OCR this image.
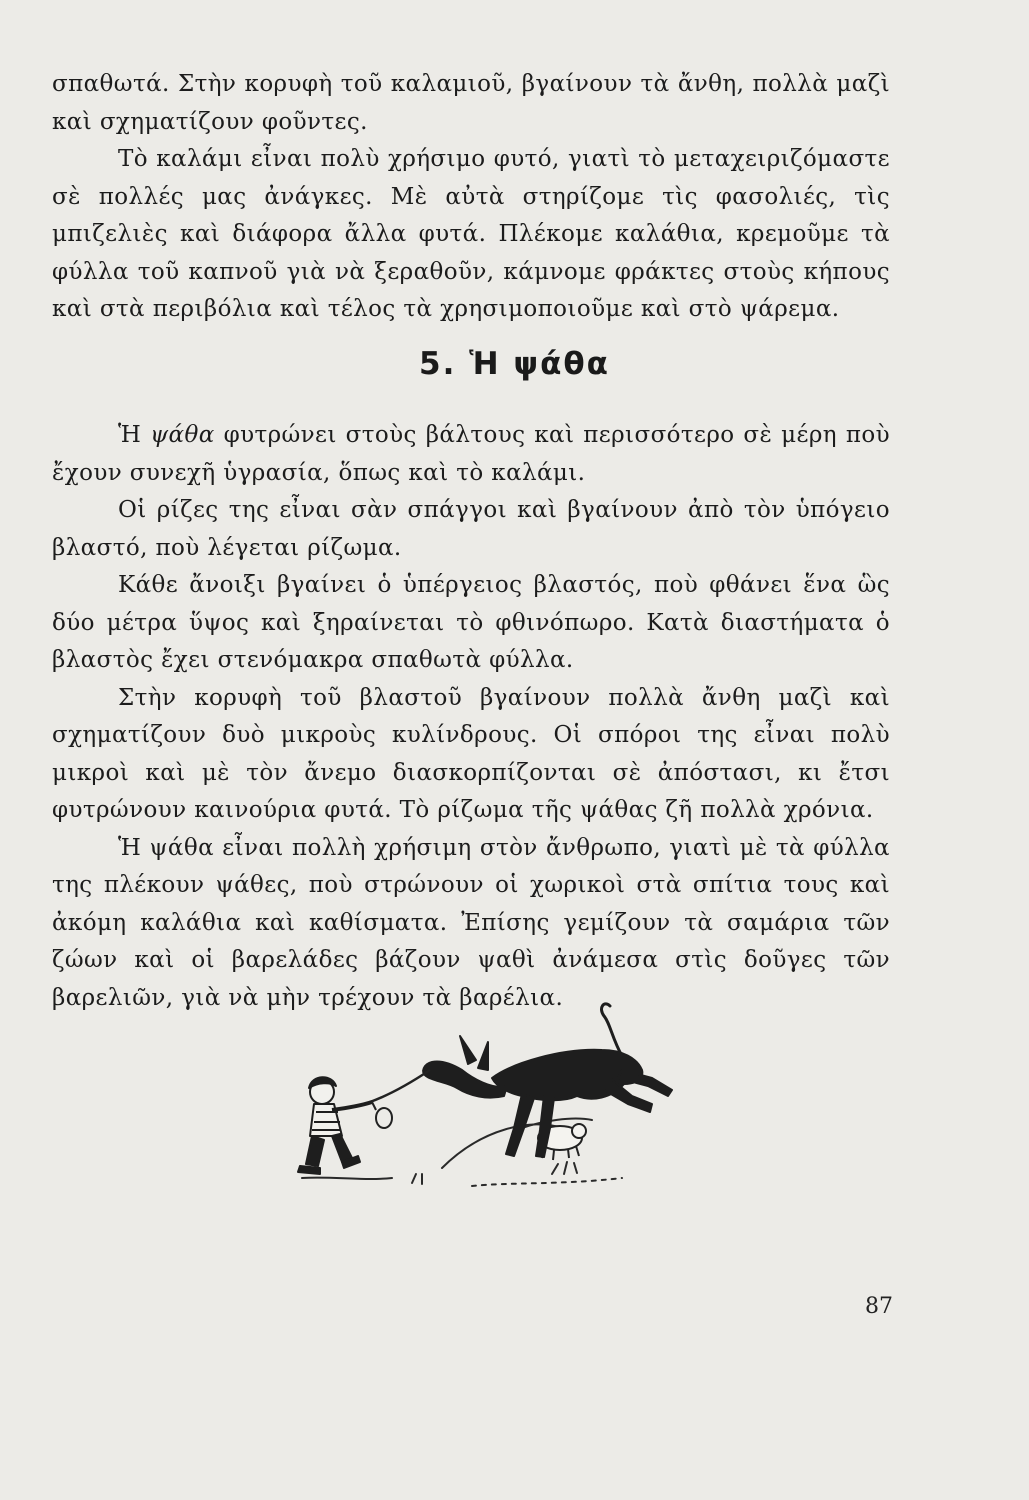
σπαθωτά. Στὴν κορυφὴ τοῦ καλαμιοῦ, βγαίνουν τὰ ἄνθη, πολλὰ μαζὶ καὶ σχηματίζουν φοῦντες.

Τὸ καλάμι εἶναι πολὺ χρήσιμο φυτό, γιατὶ τὸ μεταχειριζόμαστε σὲ πολλές μας ἀνάγκες. Μὲ αὐτὰ στηρίζομε τὶς φασολιές, τὶς μπιζελιὲς καὶ διάφορα ἄλλα φυτά. Πλέκομε καλάθια, κρεμοῦμε τὰ φύλλα τοῦ καπνοῦ γιὰ νὰ ξεραθοῦν, κάμνομε φράκτες στοὺς κήπους καὶ στὰ περιβόλια καὶ τέλος τὰ χρησιμοποιοῦμε καὶ στὸ ψάρεμα.

5. Ἡ ψάθα

Ἡ ψάθα φυτρώνει στοὺς βάλτους καὶ περισσότερο σὲ μέρη ποὺ ἔχουν συνεχῆ ὑγρασία, ὅπως καὶ τὸ καλάμι.

Οἱ ρίζες της εἶναι σὰν σπάγγοι καὶ βγαίνουν ἀπὸ τὸν ὑπόγειο βλαστό, ποὺ λέγεται ρίζωμα.

Κάθε ἄνοιξι βγαίνει ὁ ὑπέργειος βλαστός, ποὺ φθάνει ἕνα ὣς δύο μέτρα ὕψος καὶ ξηραίνεται τὸ φθινόπωρο. Κατὰ διαστήματα ὁ βλαστὸς ἔχει στενόμακρα σπαθωτὰ φύλλα.

Στὴν κορυφὴ τοῦ βλαστοῦ βγαίνουν πολλὰ ἄνθη μαζὶ καὶ σχηματίζουν δυὸ μικροὺς κυλίνδρους. Οἱ σπόροι της εἶναι πολὺ μικροὶ καὶ μὲ τὸν ἄνεμο διασκορπίζονται σὲ ἀπόστασι, κι ἔτσι φυτρώνουν καινούρια φυτά. Τὸ ρίζωμα τῆς ψάθας ζῆ πολλὰ χρόνια.

Ἡ ψάθα εἶναι πολλὴ χρήσιμη στὸν ἄνθρωπο, γιατὶ μὲ τὰ φύλλα της πλέκουν ψάθες, ποὺ στρώνουν οἱ χωρικοὶ στὰ σπίτια τους καὶ ἀκόμη καλάθια καὶ καθίσματα. Ἐπίσης γεμίζουν τὰ σαμάρια τῶν ζώων καὶ οἱ βαρελάδες βάζουν ψαθὶ ἀνάμεσα στὶς δοῦγες τῶν βαρελιῶν, γιὰ νὰ μὴν τρέχουν τὰ βαρέλια.

87
